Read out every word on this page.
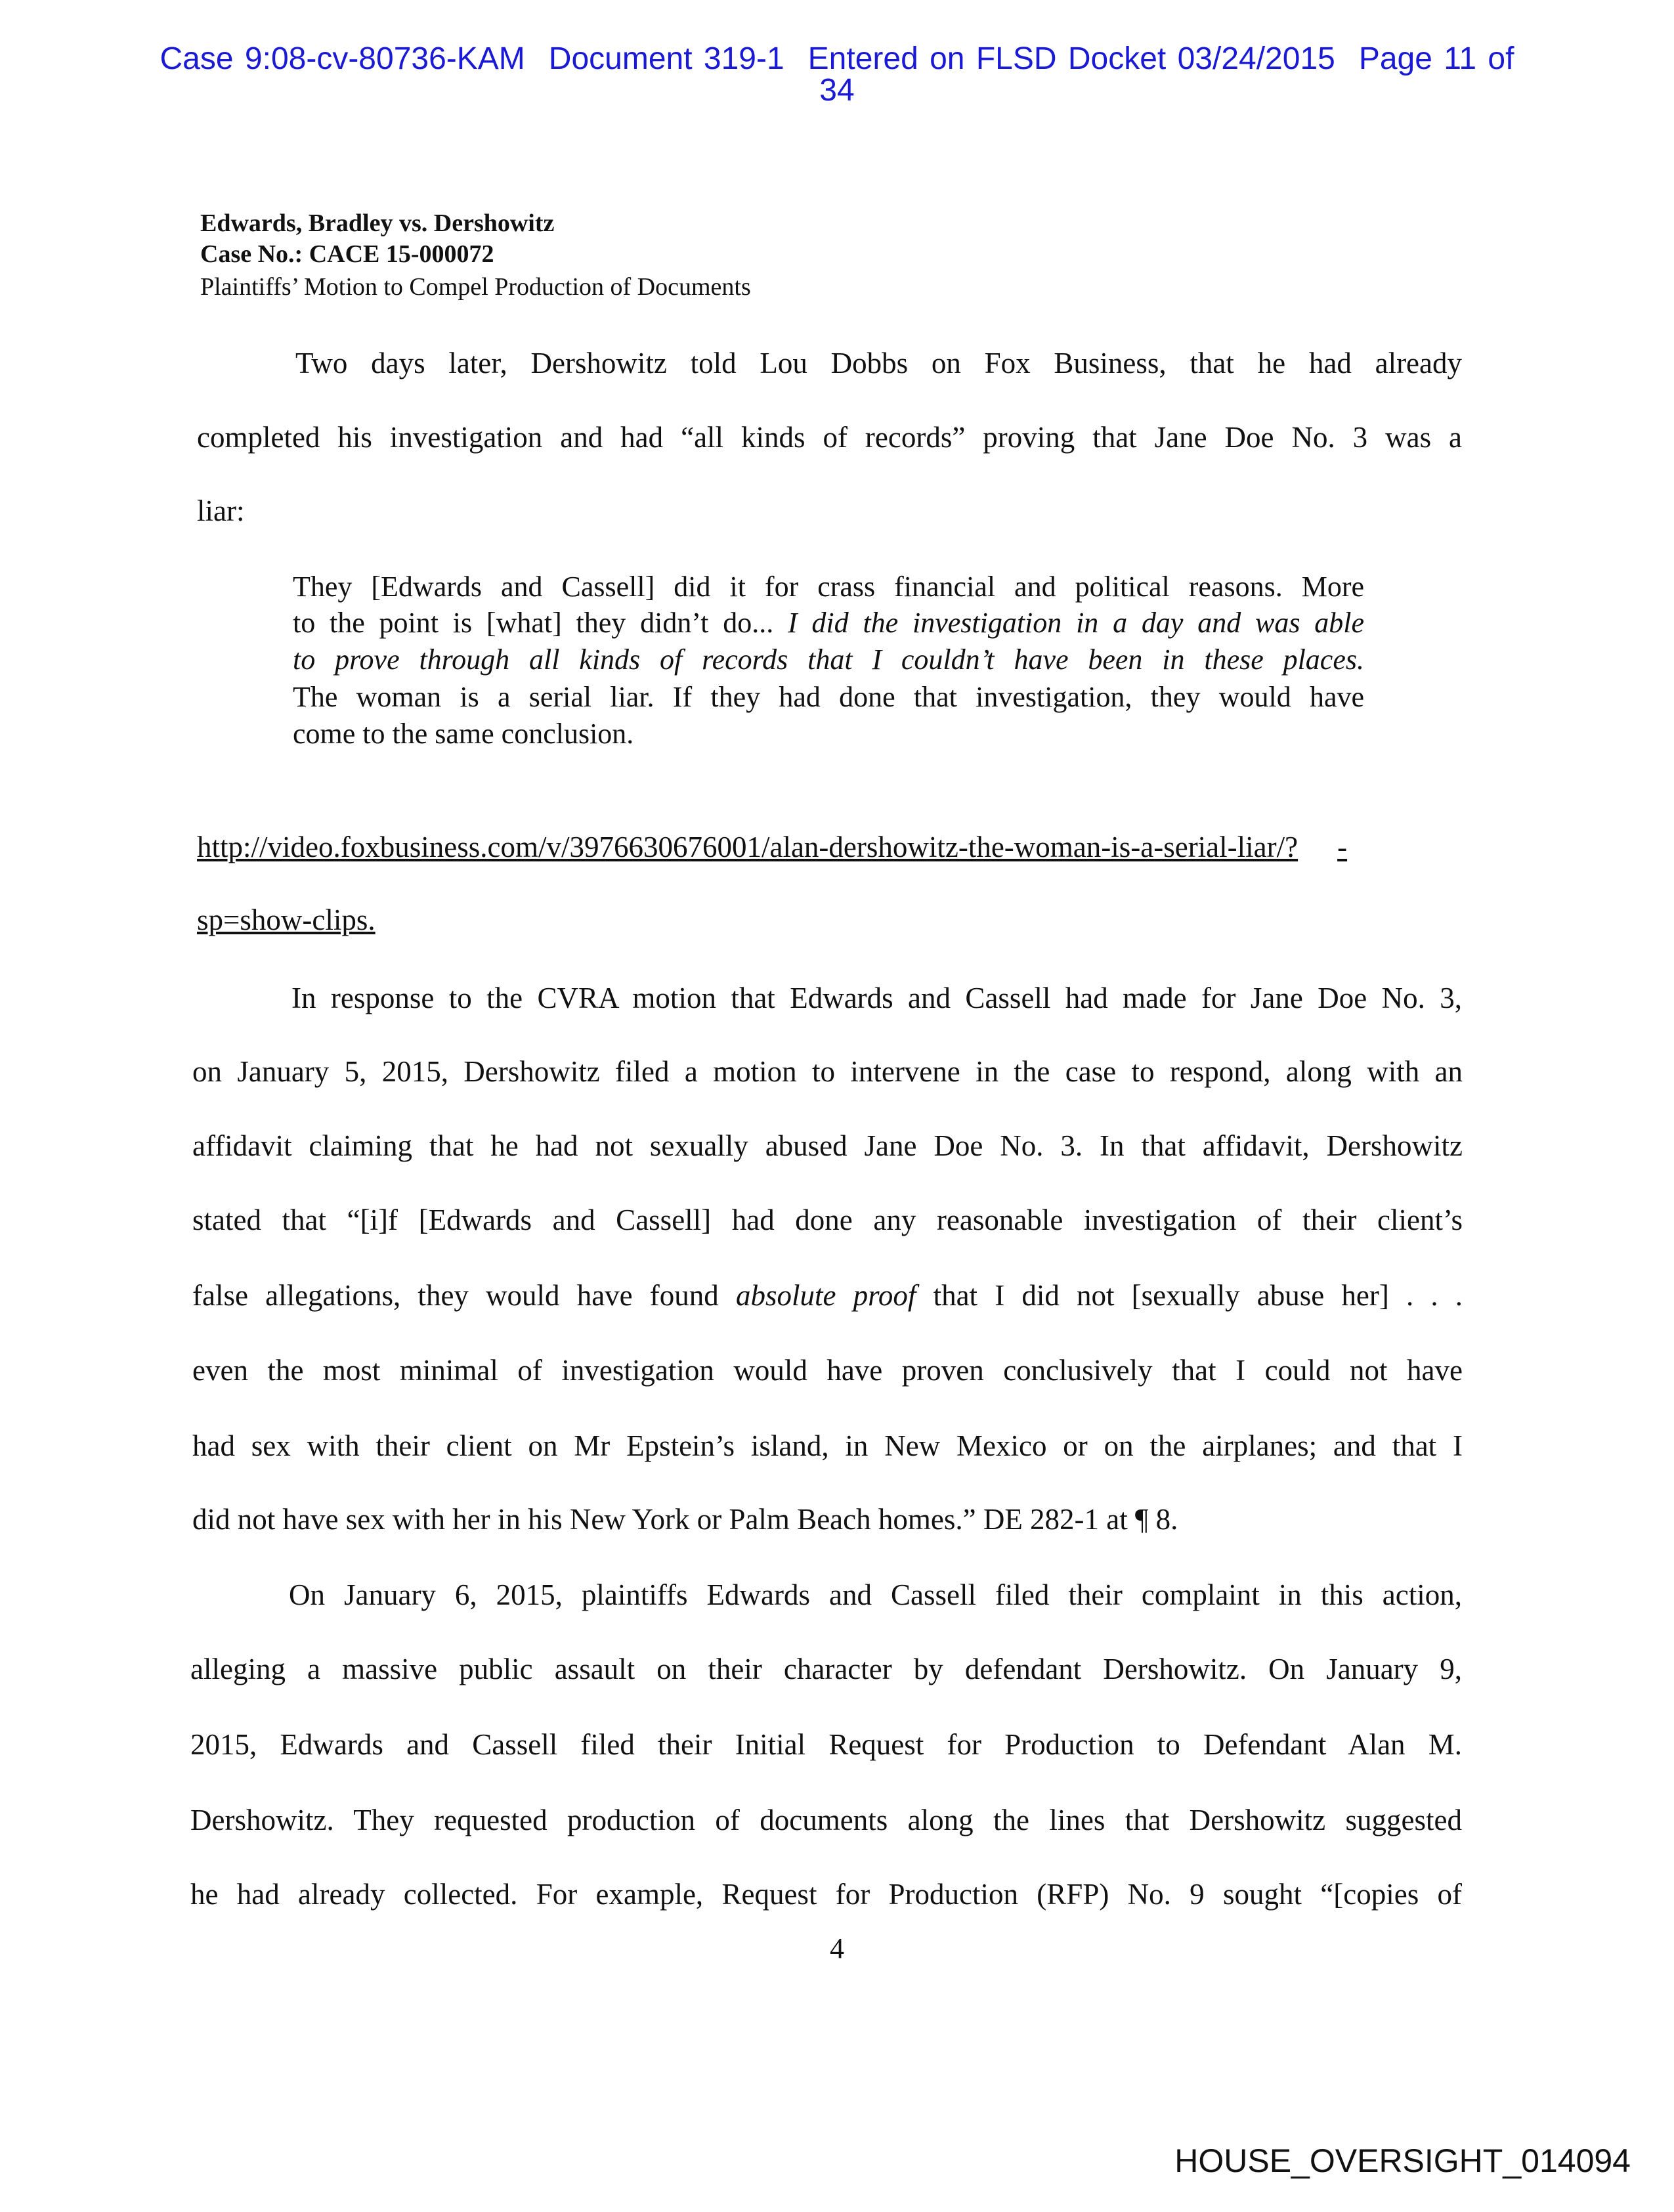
Case 9:08-cv-80736-KAM Document 319-1 Entered on FLSD Docket 03/24/2015 Page 11 of
34
Edwards, Bradley vs. Dershowitz
Case No.: CACE 15-000072
Plaintiffs’ Motion to Compel Production of Documents
Two days later, Dershowitz told Lou Dobbs on Fox Business, that he had already
completed his investigation and had “all kinds of records” proving that Jane Doe No. 3 was a
liar:
They [Edwards and Cassell] did it for crass financial and political reasons. More
to the point is [what] they didn’t do... I did the investigation in a day and was able
to prove through all kinds of records that I couldn’t have been in these places.
The woman is a serial liar. If they had done that investigation, they would have
come to the same conclusion.
http://video.foxbusiness.com/v/3976630676001/alan-dershowitz-the-woman-is-a-serial-liar/? -
sp=show-clips.
In response to the CVRA motion that Edwards and Cassell had made for Jane Doe No. 3,
on January 5, 2015, Dershowitz filed a motion to intervene in the case to respond, along with an
affidavit claiming that he had not sexually abused Jane Doe No. 3. In that affidavit, Dershowitz
stated that “[i]f [Edwards and Cassell] had done any reasonable investigation of their client’s
false allegations, they would have found absolute proof that I did not [sexually abuse her] . . .
even the most minimal of investigation would have proven conclusively that I could not have
had sex with their client on Mr Epstein’s island, in New Mexico or on the airplanes; and that I
did not have sex with her in his New York or Palm Beach homes.” DE 282-1 at ¶ 8.
On January 6, 2015, plaintiffs Edwards and Cassell filed their complaint in this action,
alleging a massive public assault on their character by defendant Dershowitz. On January 9,
2015, Edwards and Cassell filed their Initial Request for Production to Defendant Alan M.
Dershowitz. They requested production of documents along the lines that Dershowitz suggested
he had already collected. For example, Request for Production (RFP) No. 9 sought “[copies of
4
HOUSE_OVERSIGHT_014094
